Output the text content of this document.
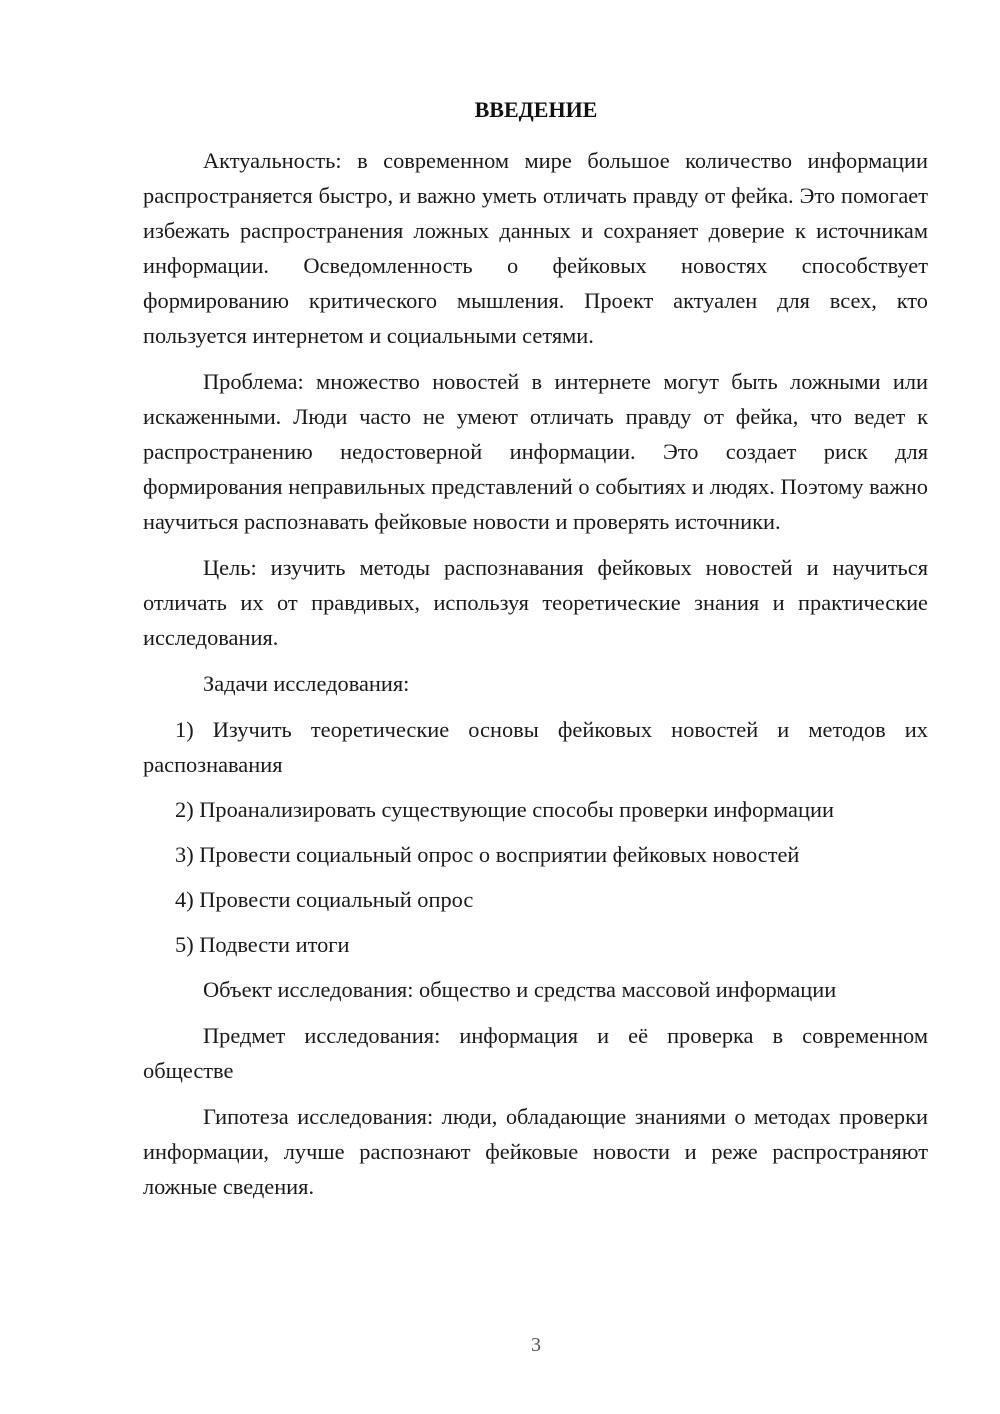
ВВЕДЕНИЕ

Актуальность: в современном мире большое количество информации распространяется быстро, и важно уметь отличать правду от фейка. Это помогает избежать распространения ложных данных и сохраняет доверие к источникам информации. Осведомленность о фейковых новостях способствует формированию критического мышления. Проект актуален для всех, кто пользуется интернетом и социальными сетями.

Проблема: множество новостей в интернете могут быть ложными или искаженными. Люди часто не умеют отличать правду от фейка, что ведет к распространению недостоверной информации. Это создает риск для формирования неправильных представлений о событиях и людях. Поэтому важно научиться распознавать фейковые новости и проверять источники.

Цель: изучить методы распознавания фейковых новостей и научиться отличать их от правдивых, используя теоретические знания и практические исследования.

Задачи исследования:

1) Изучить теоретические основы фейковых новостей и методов их распознавания

2) Проанализировать существующие способы проверки информации

3) Провести социальный опрос о восприятии фейковых новостей

4) Провести социальный опрос

5) Подвести итоги

Объект исследования: общество и средства массовой информации

Предмет исследования: информация и её проверка в современном обществе

Гипотеза исследования: люди, обладающие знаниями о методах проверки информации, лучше распознают фейковые новости и реже распространяют ложные сведения.

3
